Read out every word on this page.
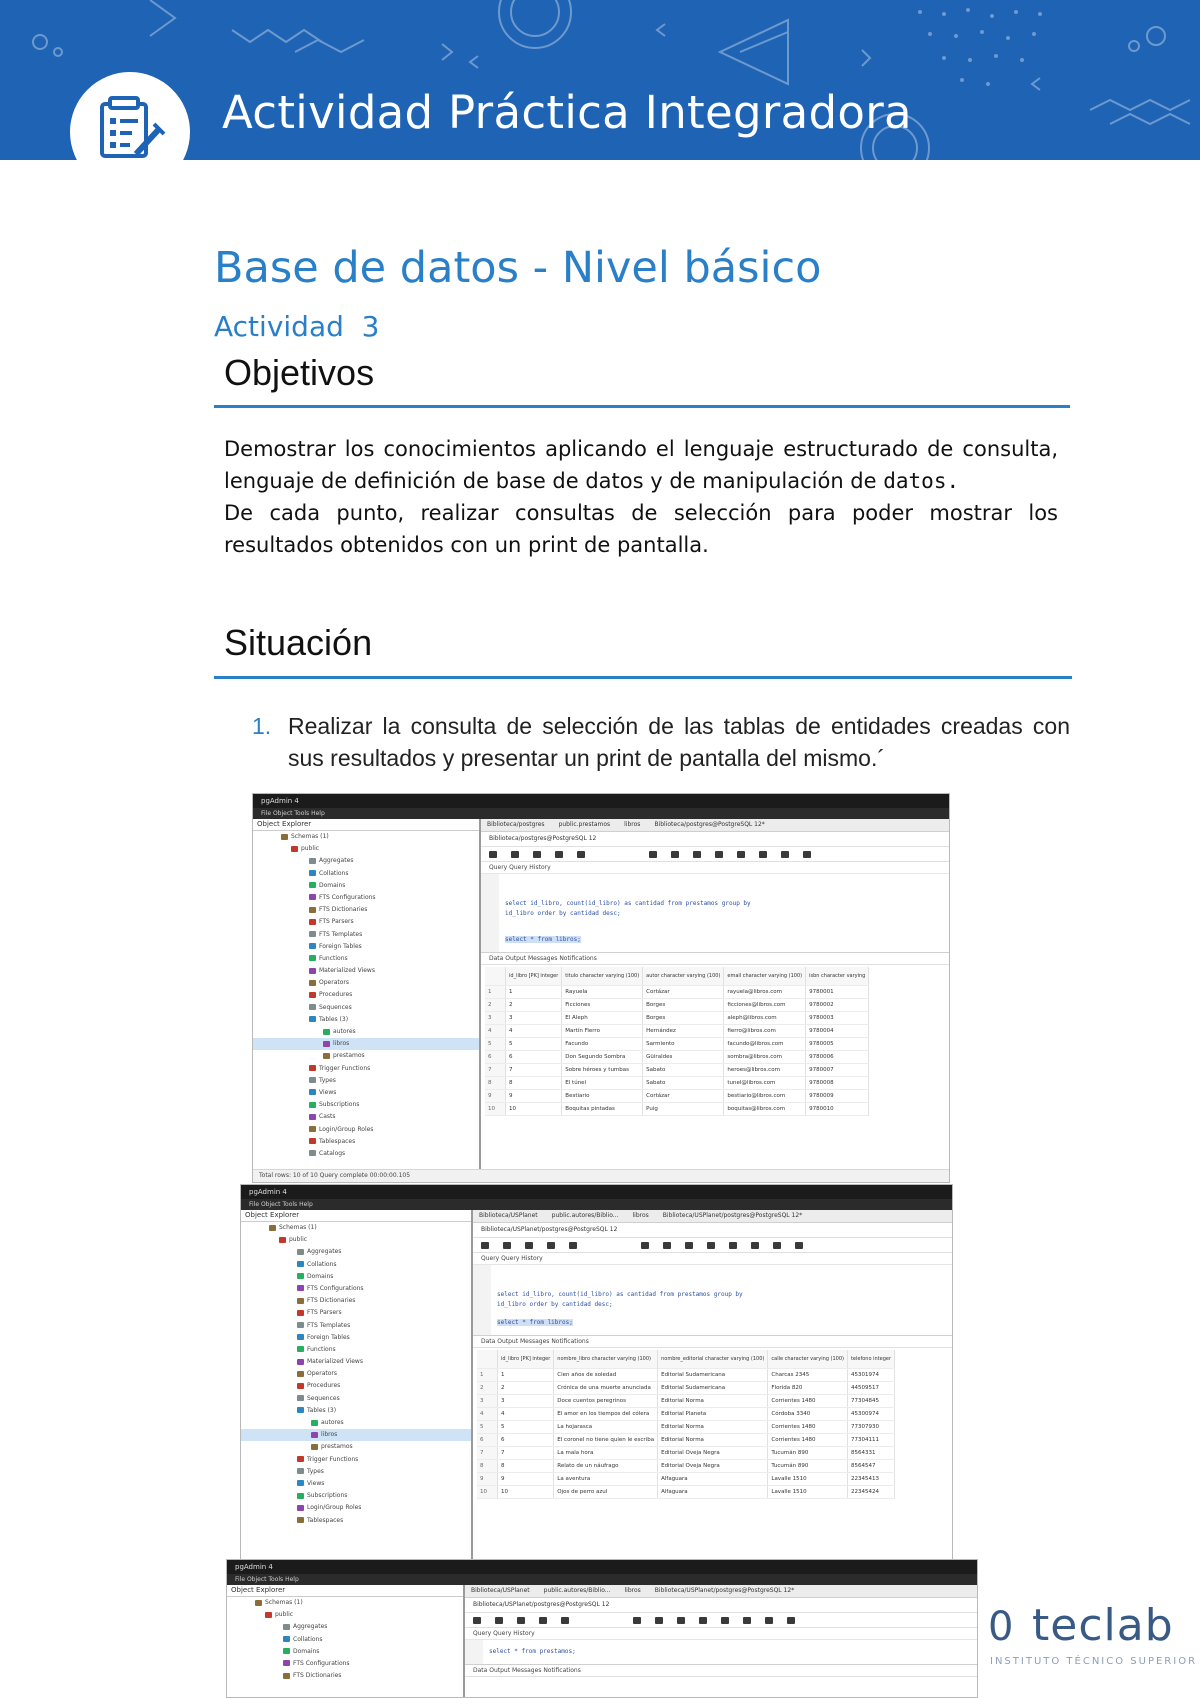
Actividad Práctica Integradora
Base de datos - Nivel básico
Actividad  3
Objetivos

Demostrar los conocimientos aplicando el lenguaje estructurado de consulta, lenguaje de definición de base de datos y de manipulación de datos.

De cada punto, realizar consultas de selección para poder mostrar los resultados obtenidos con un print de pantalla.

Situación
1. Realizar la consulta de selección de las tablas de entidades creadas con sus resultados y presentar un print de pantalla del mismo.´
pgAdmin 4
File Object Tools Help
Object Explorer
Schemas (1)
public
Aggregates
Collations
Domains
FTS Configurations
FTS Dictionaries
FTS Parsers
FTS Templates
Foreign Tables
Functions
Materialized Views
Operators
Procedures
Sequences
Tables (3)
autores
libros
prestamos
Trigger Functions
Types
Views
Subscriptions
Casts
Login/Group Roles
Tablespaces
Catalogs
Biblioteca/postgres public.prestamos libros Biblioteca/postgres@PostgreSQL 12*
Biblioteca/postgres@PostgreSQL 12
Query Query History
select id_libro, count(id_libro) as cantidad from prestamos group by
id_libro order by cantidad desc;
select * from libros;
Data Output Messages Notifications
	id_libro [PK] integer	titulo character varying (100)	autor character varying (100)	email character varying (100)	isbn character varying
1	1	Rayuela	Cortázar	rayuela@libros.com	9780001
2	2	Ficciones	Borges	ficciones@libros.com	9780002
3	3	El Aleph	Borges	aleph@libros.com	9780003
4	4	Martín Fierro	Hernández	fierro@libros.com	9780004
5	5	Facundo	Sarmiento	facundo@libros.com	9780005
6	6	Don Segundo Sombra	Güiraldes	sombra@libros.com	9780006
7	7	Sobre héroes y tumbas	Sabato	heroes@libros.com	9780007
8	8	El túnel	Sabato	tunel@libros.com	9780008
9	9	Bestiario	Cortázar	bestiario@libros.com	9780009
10	10	Boquitas pintadas	Puig	boquitas@libros.com	9780010
Total rows: 10 of 10 Query complete 00:00:00.105
pgAdmin 4
File Object Tools Help
Object Explorer
Schemas (1)
public
Aggregates
Collations
Domains
FTS Configurations
FTS Dictionaries
FTS Parsers
FTS Templates
Foreign Tables
Functions
Materialized Views
Operators
Procedures
Sequences
Tables (3)
autores
libros
prestamos
Trigger Functions
Types
Views
Subscriptions
Login/Group Roles
Tablespaces
Biblioteca/USPlanet public.autores/Biblio... libros Biblioteca/USPlanet/postgres@PostgreSQL 12*
Biblioteca/USPlanet/postgres@PostgreSQL 12
Query Query History
select id_libro, count(id_libro) as cantidad from prestamos group by
id_libro order by cantidad desc;
select * from libros;
Data Output Messages Notifications
	id_libro [PK] integer	nombre_libro character varying (100)	nombre_editorial character varying (100)	calle character varying (100)	telefono integer
1	1	Cien años de soledad	Editorial Sudamericana	Charcas 2345	45301974
2	2	Crónica de una muerte anunciada	Editorial Sudamericana	Florida 820	44509517
3	3	Doce cuentos peregrinos	Editorial Norma	Corrientes 1480	77304845
4	4	El amor en los tiempos del cólera	Editorial Planeta	Córdoba 3340	45300974
5	5	La hojarasca	Editorial Norma	Corrientes 1480	77307930
6	6	El coronel no tiene quien le escriba	Editorial Norma	Corrientes 1480	77304111
7	7	La mala hora	Editorial Oveja Negra	Tucumán 890	8564331
8	8	Relato de un náufrago	Editorial Oveja Negra	Tucumán 890	8564547
9	9	La aventura	Alfaguara	Lavalle 1510	22345413
10	10	Ojos de perro azul	Alfaguara	Lavalle 1510	22345424
pgAdmin 4
File Object Tools Help
Object Explorer
Schemas (1)
public
Aggregates
Collations
Domains
FTS Configurations
FTS Dictionaries
Biblioteca/USPlanet public.autores/Biblio... libros Biblioteca/USPlanet/postgres@PostgreSQL 12*
Biblioteca/USPlanet/postgres@PostgreSQL 12
Query Query History
select * from prestamos;
Data Output Messages Notifications
0 teclab
INSTITUTO TÉCNICO SUPERIOR
